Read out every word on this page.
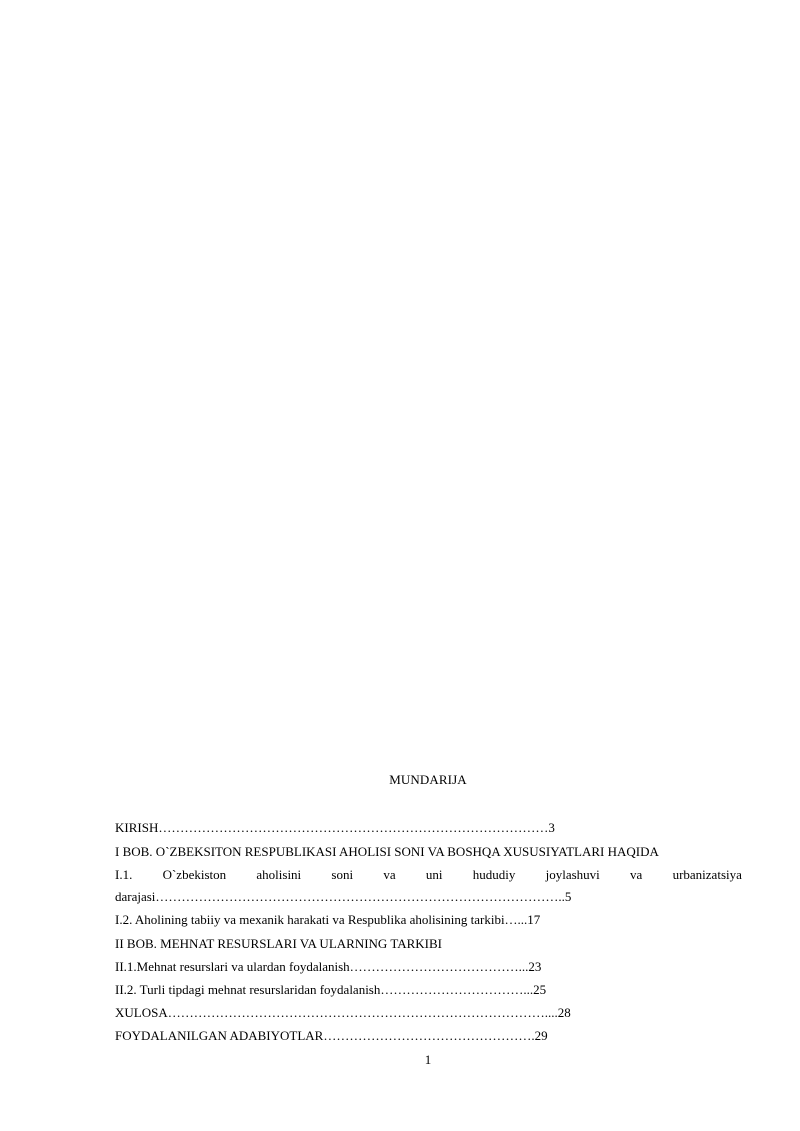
MUNDARIJA
KIRISH………………………………………………………………………………3
I BOB. O`ZBEKSITON RESPUBLIKASI AHOLISI SONI VA BOSHQA XUSUSIYATLARI HAQIDA
I.1. O`zbekiston aholisini soni va uni hududiy joylashuvi va urbanizatsiya
darajasi…………………………………………………………………………………..5
I.2. Aholining tabiiy va mexanik harakati va Respublika aholisining tarkibi…...17
II BOB. MEHNAT RESURSLARI VA ULARNING TARKIBI
II.1.Mehnat resurslari va ulardan foydalanish…………………………………...23
II.2. Turli tipdagi mehnat resurslaridan foydalanish……………………………...25
XULOSA……………………………………………………………………………....28
FOYDALANILGAN ADABIYOTLAR………………………………………….29
1
